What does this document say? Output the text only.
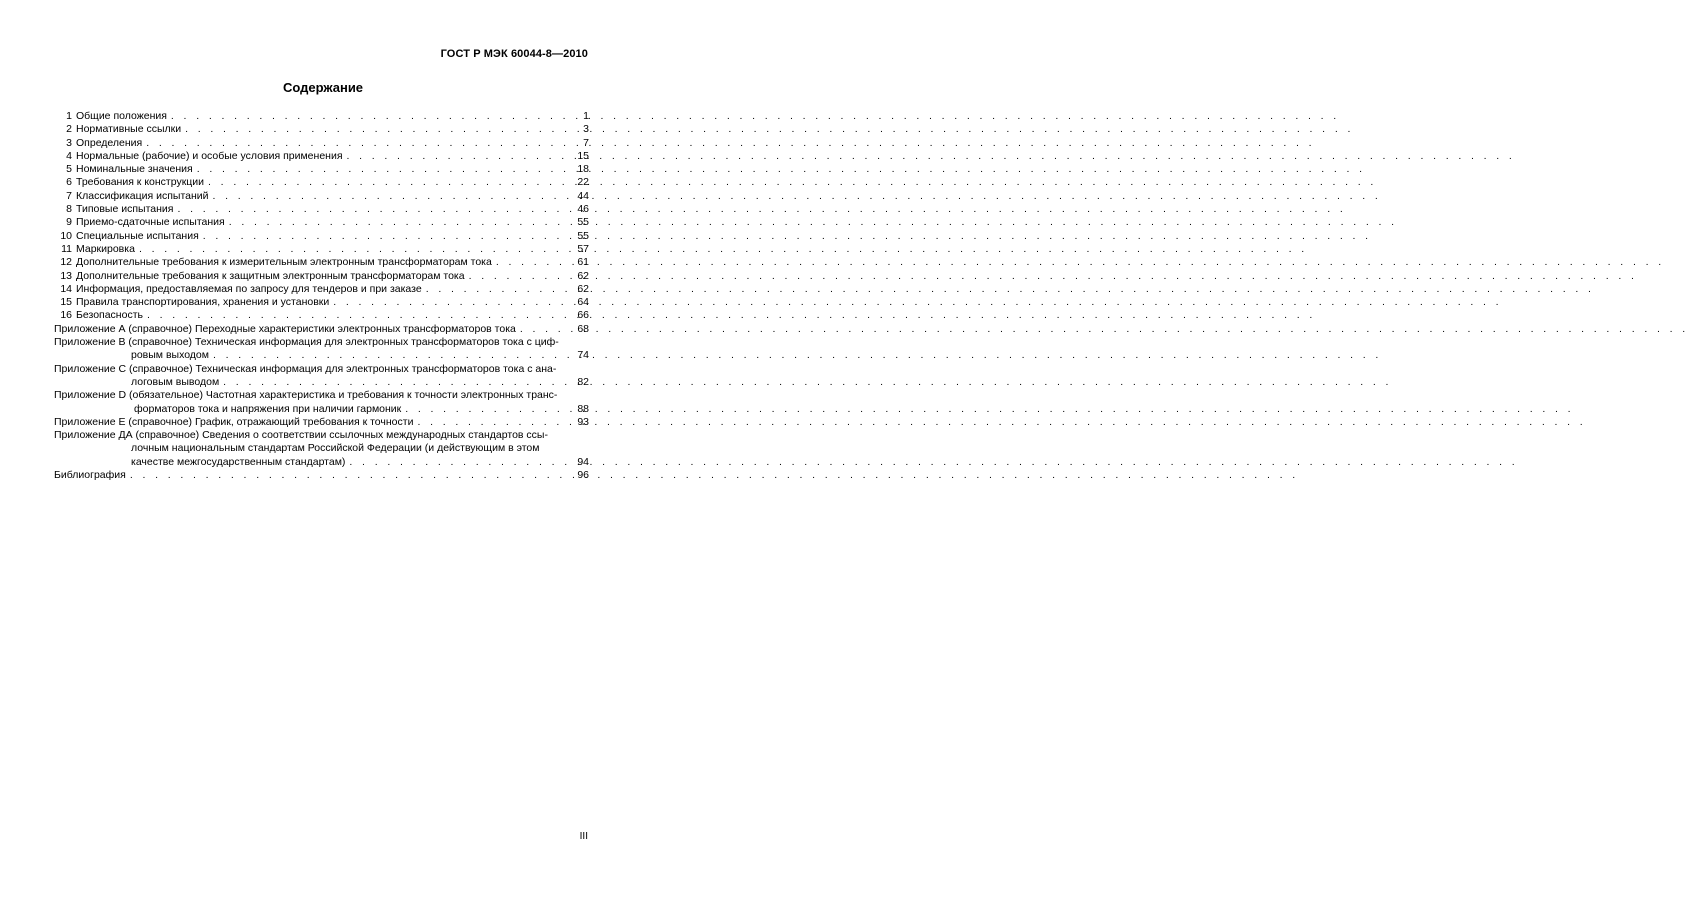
ГОСТ Р МЭК 60044-8—2010
Содержание
1 Общие положения . . .	1
2 Нормативные ссылки . . .	3
3 Определения . . .	7
4 Нормальные (рабочие) и особые условия применения . . .	15
5 Номинальные значения . . .	18
6 Требования к конструкции . . .	22
7 Классификация испытаний . . .	44
8 Типовые испытания . . .	46
9 Приемо-сдаточные испытания . . .	55
10 Специальные испытания . . .	55
11 Маркировка . . .	57
12 Дополнительные требования к измерительным электронным трансформаторам тока . . .	61
13 Дополнительные требования к защитным электронным трансформаторам тока . . .	62
14 Информация, предоставляемая по запросу для тендеров и при заказе . . .	62
15 Правила транспортирования, хранения и установки . . .	64
16 Безопасность . . .	66
Приложение А (справочное) Переходные характеристики электронных трансформаторов тока . . .	68
Приложение В (справочное) Техническая информация для электронных трансформаторов тока с циф-
ровым выходом . . .	74
Приложение С (справочное) Техническая информация для электронных трансформаторов тока с ана-
логовым выводом . . .	82
Приложение D (обязательное) Частотная характеристика и требования к точности электронных транс-
форматоров тока и напряжения при наличии гармоник . . .	88
Приложение Е (справочное) График, отражающий требования к точности . . .	93
Приложение ДА (справочное) Сведения о соответствии ссылочных международных стандартов ссы-
лочным национальным стандартам Российской Федерации (и действующим в этом
качестве межгосударственным стандартам) . . .	94
Библиография . . .	96
III
